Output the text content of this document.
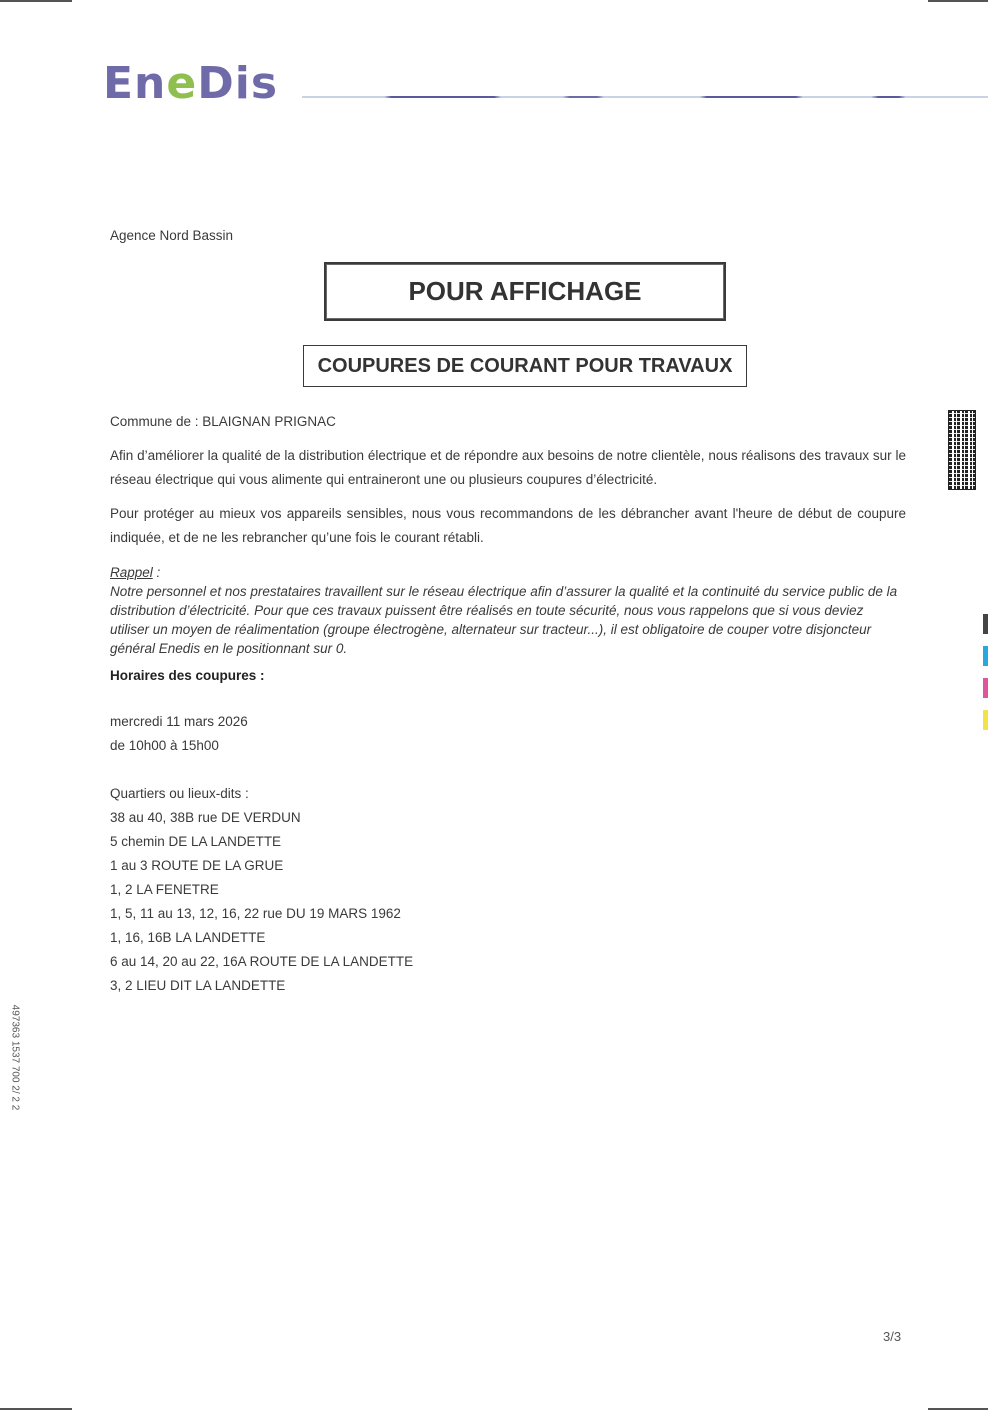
EneDis
Agence Nord Bassin
POUR AFFICHAGE
COUPURES DE COURANT POUR TRAVAUX
Commune de : BLAIGNAN PRIGNAC
Afin d’améliorer la qualité de la distribution électrique et de répondre aux besoins de notre clientèle, nous réalisons des travaux sur le réseau électrique qui vous alimente qui entraineront une ou plusieurs coupures d’électricité.
Pour protéger au mieux vos appareils sensibles, nous vous recommandons de les débrancher avant l'heure de début de coupure indiquée, et de ne les rebrancher qu’une fois le courant rétabli.
Rappel :
Notre personnel et nos prestataires travaillent sur le réseau électrique afin d’assurer la qualité et la continuité du service public de la distribution d’électricité. Pour que ces travaux puissent être réalisés en toute sécurité, nous vous rappelons que si vous deviez utiliser un moyen de réalimentation (groupe électrogène, alternateur sur tracteur...), il est obligatoire de couper votre disjoncteur général Enedis en le positionnant sur 0.
Horaires des coupures :
mercredi 11 mars 2026
de 10h00 à 15h00
Quartiers ou lieux-dits :
38 au 40, 38B rue DE VERDUN
5 chemin DE LA LANDETTE
1 au 3 ROUTE DE LA GRUE
1, 2 LA FENETRE
1, 5, 11 au 13, 12, 16, 22 rue DU 19 MARS 1962
1, 16, 16B LA LANDETTE
6 au 14, 20 au 22, 16A ROUTE DE LA LANDETTE
3, 2 LIEU DIT LA LANDETTE
3/3
497363 1537 700 2/ 2 2
